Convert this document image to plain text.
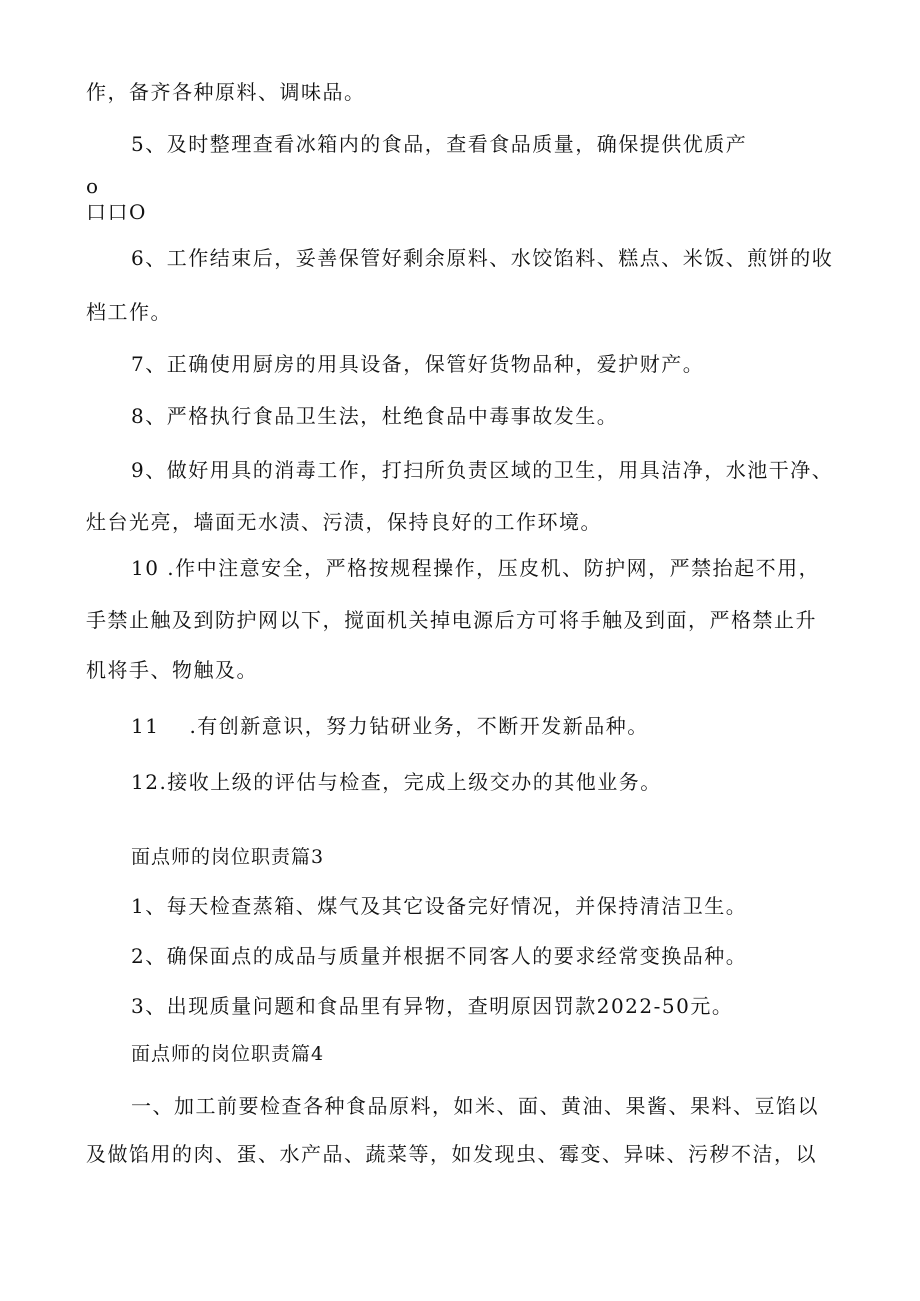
作，备齐各种原料、调味品。
5、及时整理查看冰箱内的食品，查看食品质量，确保提供优质产
o
口口O
6、工作结束后，妥善保管好剩余原料、水饺馅料、糕点、米饭、煎饼的收
档工作。
7、正确使用厨房的用具设备，保管好货物品种，爱护财产。
8、严格执行食品卫生法，杜绝食品中毒事故发生。
9、做好用具的消毒工作，打扫所负责区域的卫生，用具洁净，水池干净、
灶台光亮，墙面无水渍、污渍，保持良好的工作环境。
10 .作中注意安全，严格按规程操作，压皮机、防护网，严禁抬起不用，
手禁止触及到防护网以下，搅面机关掉电源后方可将手触及到面，严格禁止升
机将手、物触及。
11 .有创新意识，努力钻研业务，不断开发新品种。
12.接收上级的评估与检查，完成上级交办的其他业务。
面点师的岗位职责篇3
1、每天检查蒸箱、煤气及其它设备完好情况，并保持清洁卫生。
2、确保面点的成品与质量并根据不同客人的要求经常变换品种。
3、出现质量问题和食品里有异物，查明原因罚款2022-50元。
面点师的岗位职责篇4
一、加工前要检查各种食品原料，如米、面、黄油、果酱、果料、豆馅以
及做馅用的肉、蛋、水产品、蔬菜等，如发现虫、霉变、异味、污秽不洁，以
